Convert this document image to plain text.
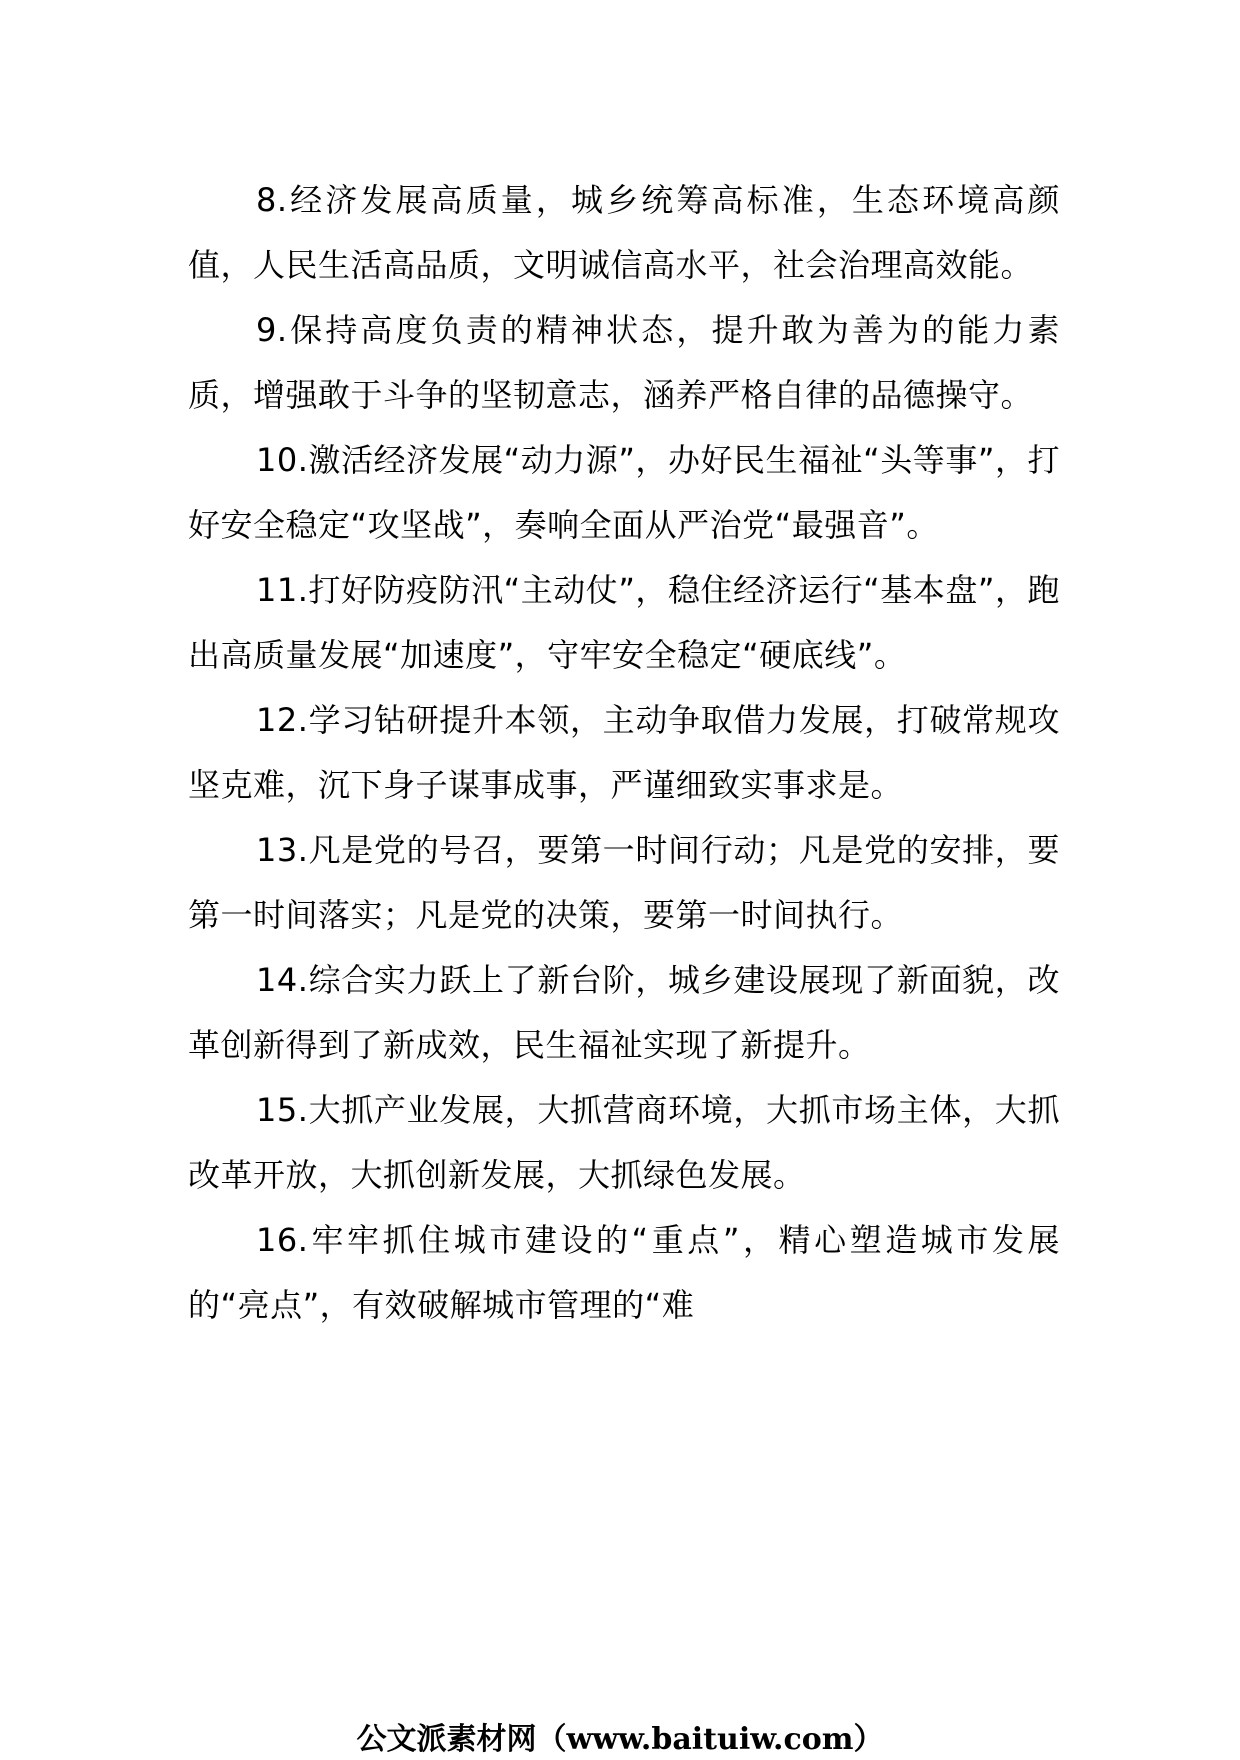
8.经济发展高质量，城乡统筹高标准，生态环境高颜值，人民生活高品质，文明诚信高水平，社会治理高效能。

9.保持高度负责的精神状态，提升敢为善为的能力素质，增强敢于斗争的坚韧意志，涵养严格自律的品德操守。

10.激活经济发展“动力源”，办好民生福祉“头等事”，打好安全稳定“攻坚战”，奏响全面从严治党“最强音”。

11.打好防疫防汛“主动仗”，稳住经济运行“基本盘”，跑出高质量发展“加速度”，守牢安全稳定“硬底线”。

12.学习钻研提升本领，主动争取借力发展，打破常规攻坚克难，沉下身子谋事成事，严谨细致实事求是。

13.凡是党的号召，要第一时间行动；凡是党的安排，要第一时间落实；凡是党的决策，要第一时间执行。

14.综合实力跃上了新台阶，城乡建设展现了新面貌，改革创新得到了新成效，民生福祉实现了新提升。

15.大抓产业发展，大抓营商环境，大抓市场主体，大抓改革开放，大抓创新发展，大抓绿色发展。

16.牢牢抓住城市建设的“重点”，精心塑造城市发展的“亮点”，有效破解城市管理的“难

公文派素材网（www.baituiw.com）
